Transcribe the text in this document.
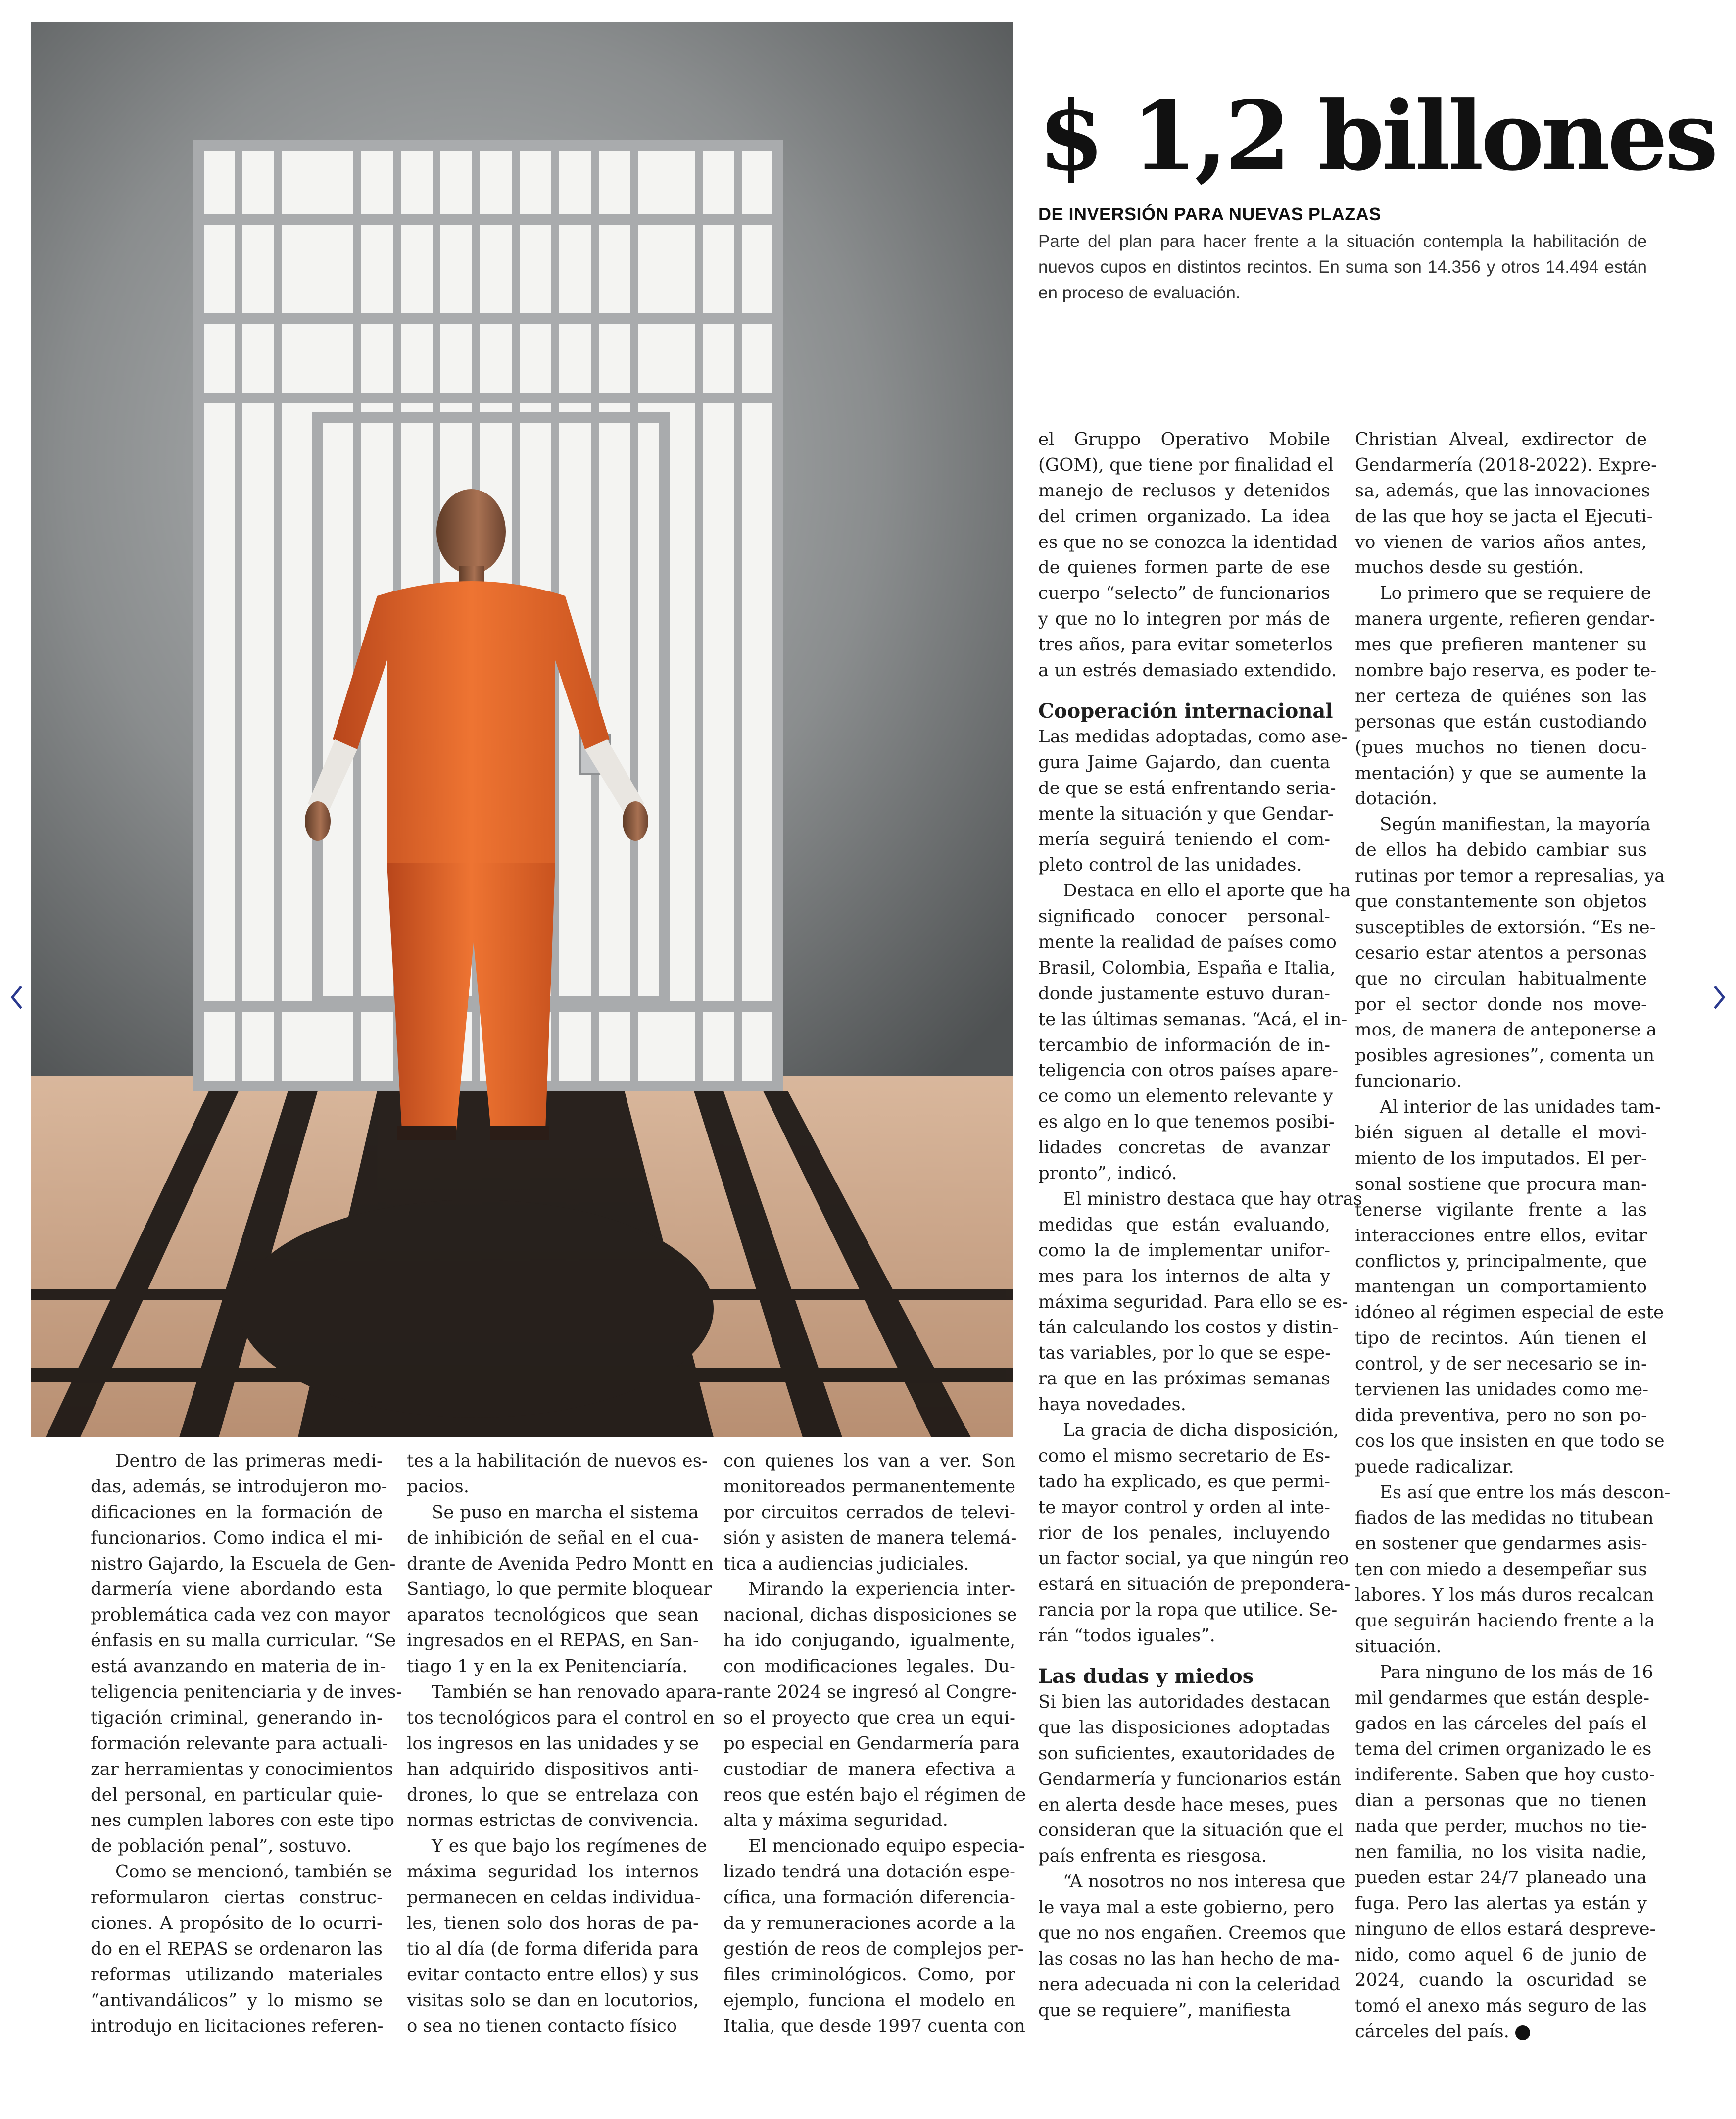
$ 1,2 billones

DE INVERSIÓN PARA NUEVAS PLAZAS

Parte del plan para hacer frente a la situación contempla la habilitación de nuevos cupos en distintos recintos. En suma son 14.356 y otros 14.494 están en proceso de evaluación.

Dentro de las primeras medi-
das, además, se introdujeron mo-
dificaciones en la formación de
funcionarios. Como indica el mi-
nistro Gajardo, la Escuela de Gen-
darmería viene abordando esta
problemática cada vez con mayor
énfasis en su malla curricular. “Se
está avanzando en materia de in-
teligencia penitenciaria y de inves-
tigación criminal, generando in-
formación relevante para actuali-
zar herramientas y conocimientos
del personal, en particular quie-
nes cumplen labores con este tipo
de población penal”, sostuvo.
Como se mencionó, también se
reformularon ciertas construc-
ciones. A propósito de lo ocurri-
do en el REPAS se ordenaron las
reformas utilizando materiales
“antivandálicos” y lo mismo se
introdujo en licitaciones referen-
tes a la habilitación de nuevos es-
pacios.
Se puso en marcha el sistema
de inhibición de señal en el cua-
drante de Avenida Pedro Montt en
Santiago, lo que permite bloquear
aparatos tecnológicos que sean
ingresados en el REPAS, en San-
tiago 1 y en la ex Penitenciaría.
También se han renovado apara-
tos tecnológicos para el control en
los ingresos en las unidades y se
han adquirido dispositivos anti-
drones, lo que se entrelaza con
normas estrictas de convivencia.
Y es que bajo los regímenes de
máxima seguridad los internos
permanecen en celdas individua-
les, tienen solo dos horas de pa-
tio al día (de forma diferida para
evitar contacto entre ellos) y sus
visitas solo se dan en locutorios,
o sea no tienen contacto físico
con quienes los van a ver. Son
monitoreados permanentemente
por circuitos cerrados de televi-
sión y asisten de manera telemá-
tica a audiencias judiciales.
Mirando la experiencia inter-
nacional, dichas disposiciones se
ha ido conjugando, igualmente,
con modificaciones legales. Du-
rante 2024 se ingresó al Congre-
so el proyecto que crea un equi-
po especial en Gendarmería para
custodiar de manera efectiva a
reos que estén bajo el régimen de
alta y máxima seguridad.
El mencionado equipo especia-
lizado tendrá una dotación espe-
cífica, una formación diferencia-
da y remuneraciones acorde a la
gestión de reos de complejos per-
files criminológicos. Como, por
ejemplo, funciona el modelo en
Italia, que desde 1997 cuenta con
el Gruppo Operativo Mobile
(GOM), que tiene por finalidad el
manejo de reclusos y detenidos
del crimen organizado. La idea
es que no se conozca la identidad
de quienes formen parte de ese
cuerpo “selecto” de funcionarios
y que no lo integren por más de
tres años, para evitar someterlos
a un estrés demasiado extendido.
Cooperación internacional
Las medidas adoptadas, como ase-
gura Jaime Gajardo, dan cuenta
de que se está enfrentando seria-
mente la situación y que Gendar-
mería seguirá teniendo el com-
pleto control de las unidades.
Destaca en ello el aporte que ha
significado conocer personal-
mente la realidad de países como
Brasil, Colombia, España e Italia,
donde justamente estuvo duran-
te las últimas semanas. “Acá, el in-
tercambio de información de in-
teligencia con otros países apare-
ce como un elemento relevante y
es algo en lo que tenemos posibi-
lidades concretas de avanzar
pronto”, indicó.
El ministro destaca que hay otras
medidas que están evaluando,
como la de implementar unifor-
mes para los internos de alta y
máxima seguridad. Para ello se es-
tán calculando los costos y distin-
tas variables, por lo que se espe-
ra que en las próximas semanas
haya novedades.
La gracia de dicha disposición,
como el mismo secretario de Es-
tado ha explicado, es que permi-
te mayor control y orden al inte-
rior de los penales, incluyendo
un factor social, ya que ningún reo
estará en situación de prepondera-
rancia por la ropa que utilice. Se-
rán “todos iguales”.
Las dudas y miedos
Si bien las autoridades destacan
que las disposiciones adoptadas
son suficientes, exautoridades de
Gendarmería y funcionarios están
en alerta desde hace meses, pues
consideran que la situación que el
país enfrenta es riesgosa.
“A nosotros no nos interesa que
le vaya mal a este gobierno, pero
que no nos engañen. Creemos que
las cosas no las han hecho de ma-
nera adecuada ni con la celeridad
que se requiere”, manifiesta
Christian Alveal, exdirector de
Gendarmería (2018-2022). Expre-
sa, además, que las innovaciones
de las que hoy se jacta el Ejecuti-
vo vienen de varios años antes,
muchos desde su gestión.
Lo primero que se requiere de
manera urgente, refieren gendar-
mes que prefieren mantener su
nombre bajo reserva, es poder te-
ner certeza de quiénes son las
personas que están custodiando
(pues muchos no tienen docu-
mentación) y que se aumente la
dotación.
Según manifiestan, la mayoría
de ellos ha debido cambiar sus
rutinas por temor a represalias, ya
que constantemente son objetos
susceptibles de extorsión. “Es ne-
cesario estar atentos a personas
que no circulan habitualmente
por el sector donde nos move-
mos, de manera de anteponerse a
posibles agresiones”, comenta un
funcionario.
Al interior de las unidades tam-
bién siguen al detalle el movi-
miento de los imputados. El per-
sonal sostiene que procura man-
tenerse vigilante frente a las
interacciones entre ellos, evitar
conflictos y, principalmente, que
mantengan un comportamiento
idóneo al régimen especial de este
tipo de recintos. Aún tienen el
control, y de ser necesario se in-
tervienen las unidades como me-
dida preventiva, pero no son po-
cos los que insisten en que todo se
puede radicalizar.
Es así que entre los más descon-
fiados de las medidas no titubean
en sostener que gendarmes asis-
ten con miedo a desempeñar sus
labores. Y los más duros recalcan
que seguirán haciendo frente a la
situación.
Para ninguno de los más de 16
mil gendarmes que están desple-
gados en las cárceles del país el
tema del crimen organizado le es
indiferente. Saben que hoy custo-
dian a personas que no tienen
nada que perder, muchos no tie-
nen familia, no los visita nadie,
pueden estar 24/7 planeado una
fuga. Pero las alertas ya están y
ninguno de ellos estará despreve-
nido, como aquel 6 de junio de
2024, cuando la oscuridad se
tomó el anexo más seguro de las
cárceles del país.
